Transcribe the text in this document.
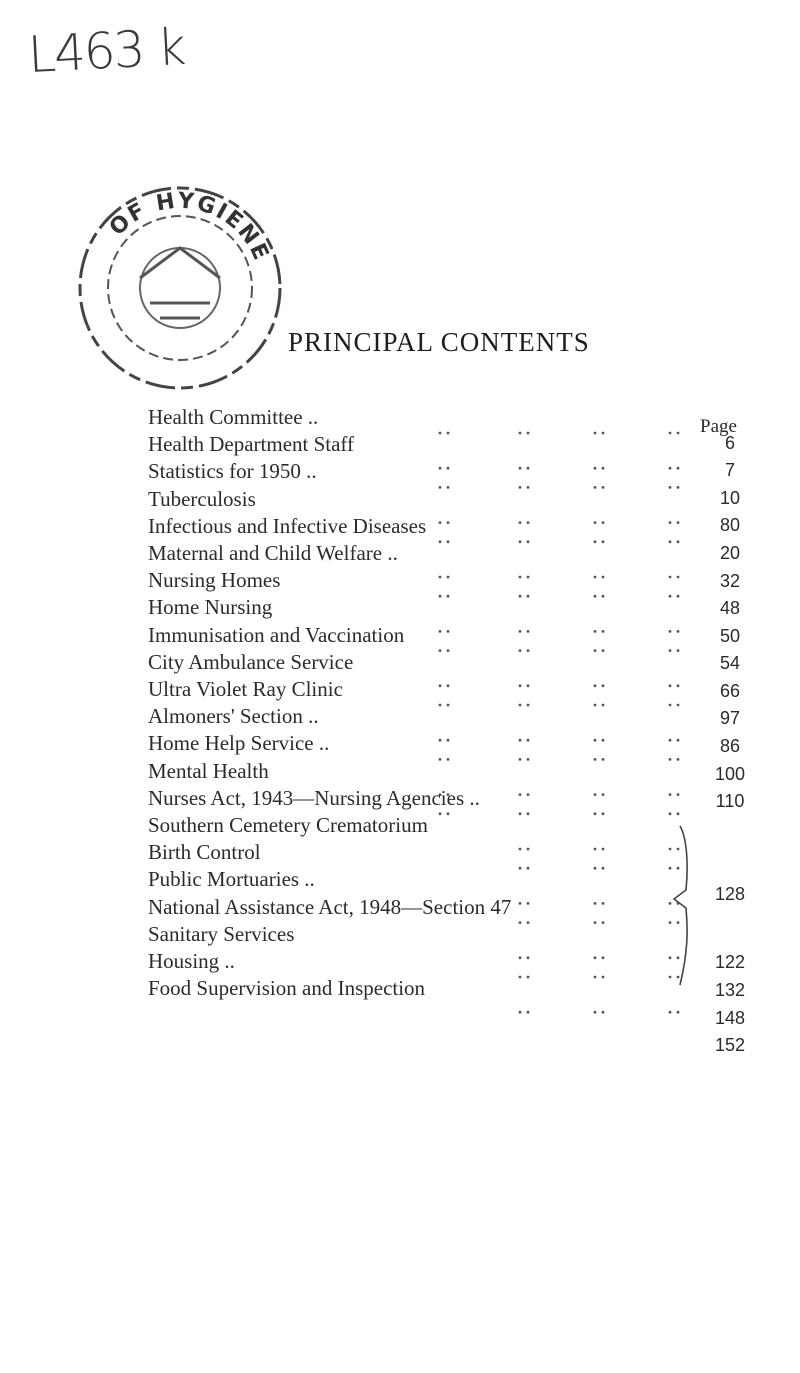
L463 k
OF HYGIENE
PRINCIPAL CONTENTS
Page
Health Committee ..
6
Health Department Staff
7
Statistics for 1950 ..
10
Tuberculosis
80
Infectious and Infective Diseases
20
Maternal and Child Welfare ..
32
Nursing Homes
48
Home Nursing
50
Immunisation and Vaccination
54
City Ambulance Service
66
Ultra Violet Ray Clinic
97
Almoners' Section ..
86
Home Help Service ..
100
Mental Health
110
Nurses Act, 1943—Nursing Agencies ..
Southern Cemetery Crematorium
Birth Control
128
Public Mortuaries ..
National Assistance Act, 1948—Section 47
Sanitary Services
122
Housing ..
132
Food Supervision and Inspection
148
152
